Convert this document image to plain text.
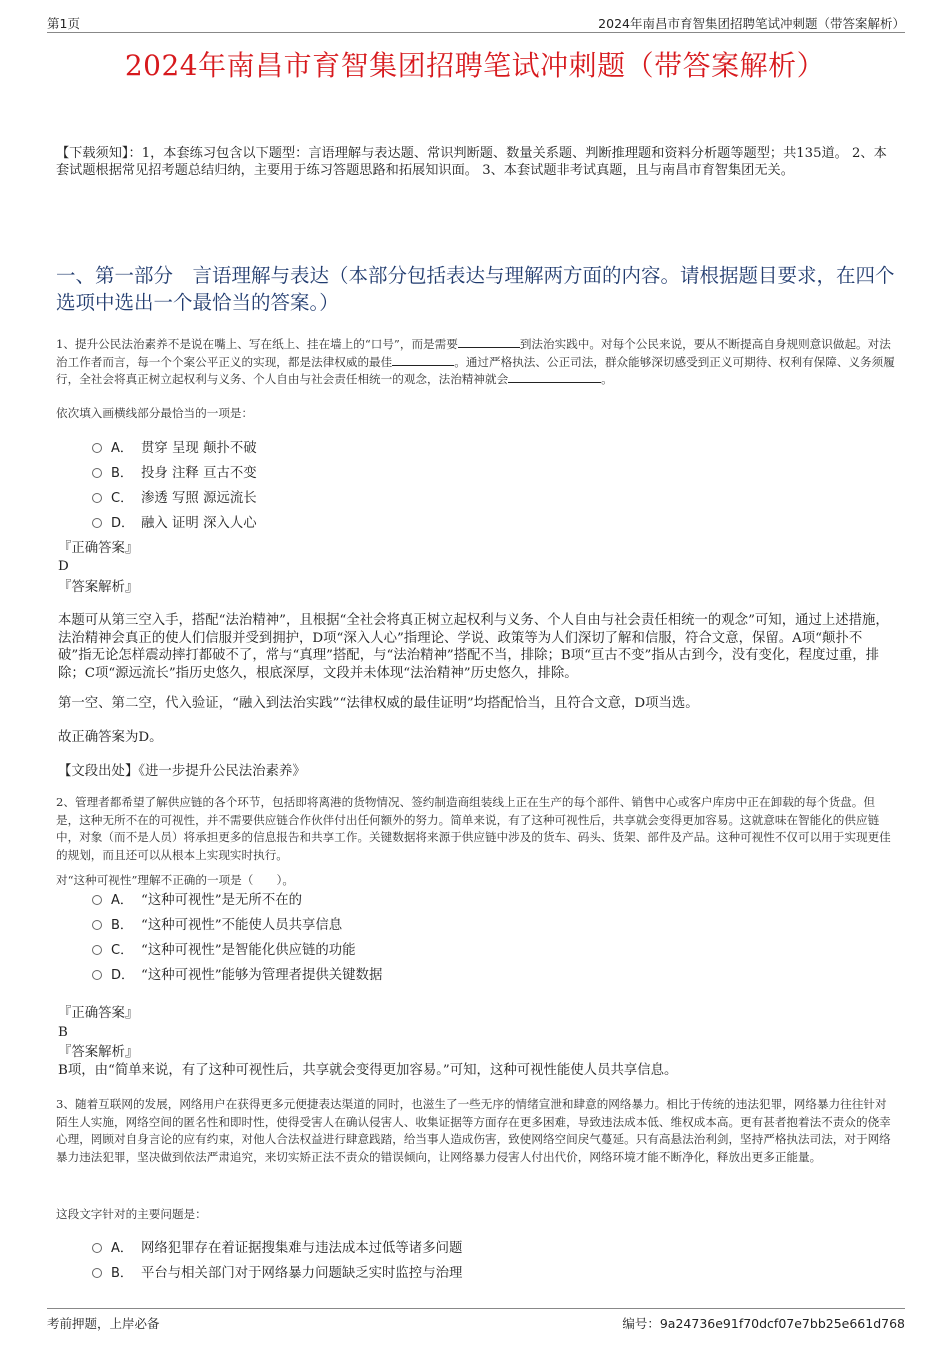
第1页	2024年南昌市育智集团招聘笔试冲刺题（带答案解析）
2024年南昌市育智集团招聘笔试冲刺题（带答案解析）
【下载须知】：1，本套练习包含以下题型：言语理解与表达题、常识判断题、数量关系题、判断推理题和资料分析题等题型；共135道。 2、本套试题根据常见招考题总结归纳，主要用于练习答题思路和拓展知识面。 3、本套试题非考试真题，且与南昌市育智集团无关。
一、第一部分　言语理解与表达（本部分包括表达与理解两方面的内容。请根据题目要求，在四个选项中选出一个最恰当的答案。）
1、提升公民法治素养不是说在嘴上、写在纸上、挂在墙上的“口号”，而是需要	到法治实践中。对每个公民来说，要从不断提高自身规则意识做起。对法治工作者而言，每一个个案公平正义的实现，都是法律权威的最佳	。通过严格执法、公正司法，群众能够深切感受到正义可期待、权利有保障、义务须履行，全社会将真正树立起权利与义务、个人自由与社会责任相统一的观念，法治精神就会	。
依次填入画横线部分最恰当的一项是：
A． 贯穿 呈现 颠扑不破
B． 投身 注释 亘古不变
C． 渗透 写照 源远流长
D． 融入 证明 深入人心
『正确答案』
D
『答案解析』
本题可从第三空入手，搭配“法治精神”，且根据“全社会将真正树立起权利与义务、个人自由与社会责任相统一的观念”可知，通过上述措施，法治精神会真正的使人们信服并受到拥护，D项“深入人心”指理论、学说、政策等为人们深切了解和信服，符合文意，保留。A项“颠扑不破”指无论怎样震动摔打都破不了，常与“真理”搭配，与“法治精神”搭配不当，排除；B项“亘古不变”指从古到今，没有变化，程度过重，排除；C项“源远流长”指历史悠久，根底深厚，文段并未体现“法治精神”历史悠久，排除。
第一空、第二空，代入验证，“融入到法治实践”“法律权威的最佳证明”均搭配恰当，且符合文意，D项当选。
故正确答案为D。
【文段出处】《进一步提升公民法治素养》
2、管理者都希望了解供应链的各个环节，包括即将离港的货物情况、签约制造商组装线上正在生产的每个部件、销售中心或客户库房中正在卸载的每个货盘。但是，这种无所不在的可视性，并不需要供应链合作伙伴付出任何额外的努力。简单来说，有了这种可视性后，共享就会变得更加容易。这就意味在智能化的供应链中，对象（而不是人员）将承担更多的信息报告和共享工作。关键数据将来源于供应链中涉及的货车、码头、货架、部件及产品。这种可视性不仅可以用于实现更佳的规划，而且还可以从根本上实现实时执行。
对“这种可视性”理解不正确的一项是（　　）。
A． “这种可视性”是无所不在的
B． “这种可视性”不能使人员共享信息
C． “这种可视性”是智能化供应链的功能
D． “这种可视性”能够为管理者提供关键数据
『正确答案』
B
『答案解析』
B项，由“简单来说，有了这种可视性后，共享就会变得更加容易。”可知，这种可视性能使人员共享信息。
3、随着互联网的发展，网络用户在获得更多元便捷表达渠道的同时，也滋生了一些无序的情绪宣泄和肆意的网络暴力。相比于传统的违法犯罪，网络暴力往往针对陌生人实施，网络空间的匿名性和即时性，使得受害人在确认侵害人、收集证据等方面存在更多困难，导致违法成本低、维权成本高。更有甚者抱着法不责众的侥幸心理，罔顾对自身言论的应有约束，对他人合法权益进行肆意践踏，给当事人造成伤害，致使网络空间戾气蔓延。只有高悬法治利剑，坚持严格执法司法，对于网络暴力违法犯罪，坚决做到依法严肃追究，来切实矫正法不责众的错误倾向，让网络暴力侵害人付出代价，网络环境才能不断净化，释放出更多正能量。
这段文字针对的主要问题是：
A． 网络犯罪存在着证据搜集难与违法成本过低等诸多问题
B． 平台与相关部门对于网络暴力问题缺乏实时监控与治理
考前押题，上岸必备	编号：9a24736e91f70dcf07e7bb25e661d768
